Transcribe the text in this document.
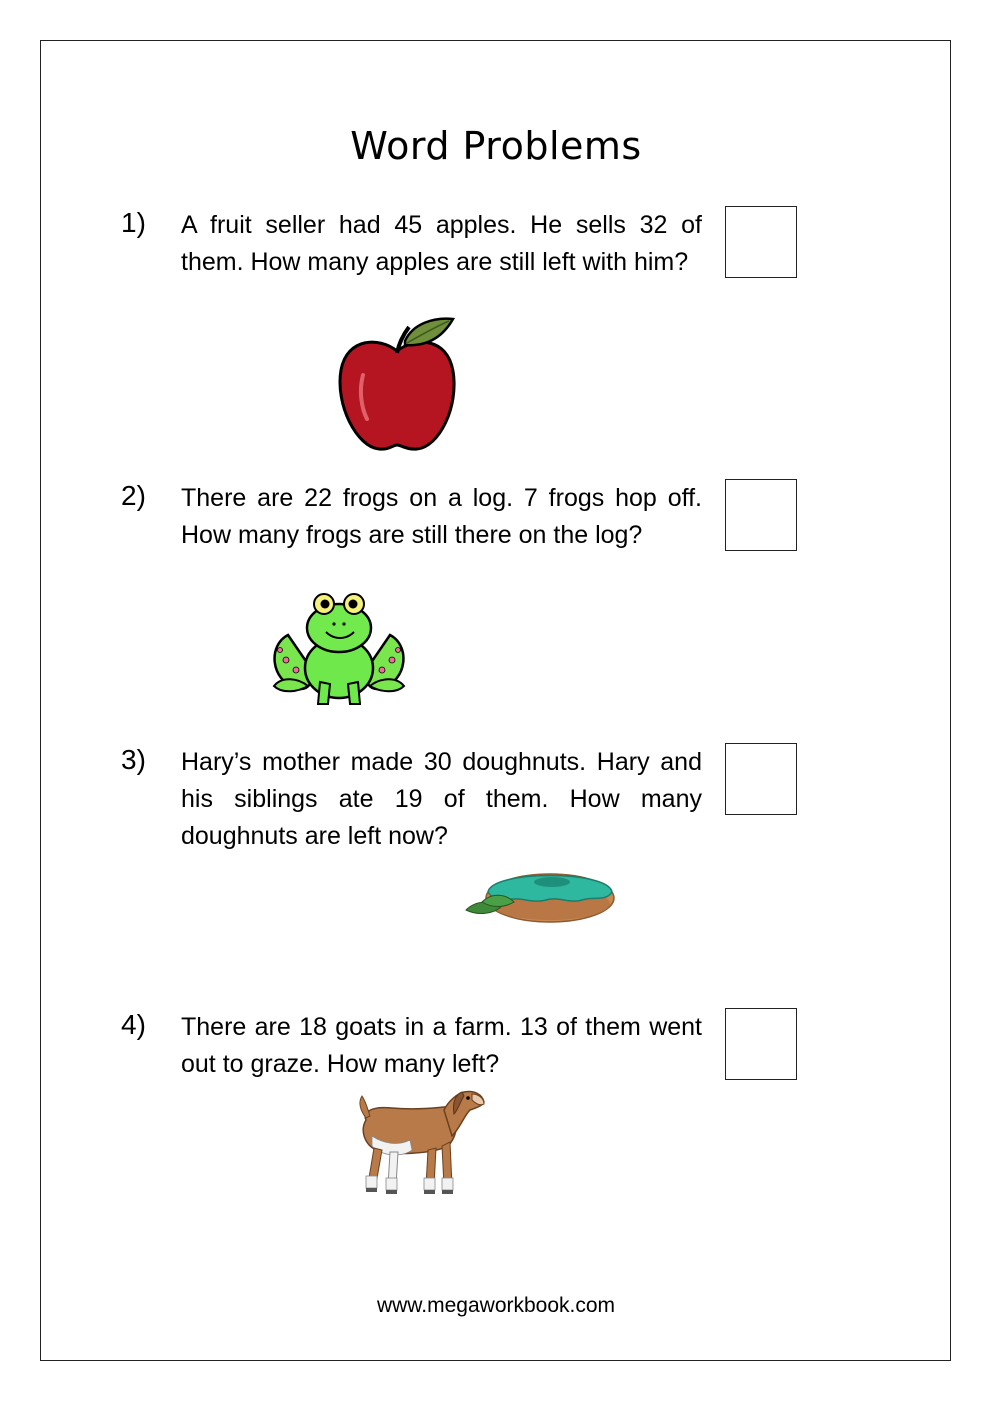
Word Problems
1) A fruit seller had 45 apples. He sells 32 of them. How many apples are still left with him?
2) There are 22 frogs on a log. 7 frogs hop off. How many frogs are still there on the log?
3) Hary’s mother made 30 doughnuts. Hary and his siblings ate 19 of them. How many doughnuts are left now?
4) There are 18 goats in a farm. 13 of them went out to graze. How many left?
www.megaworkbook.com
